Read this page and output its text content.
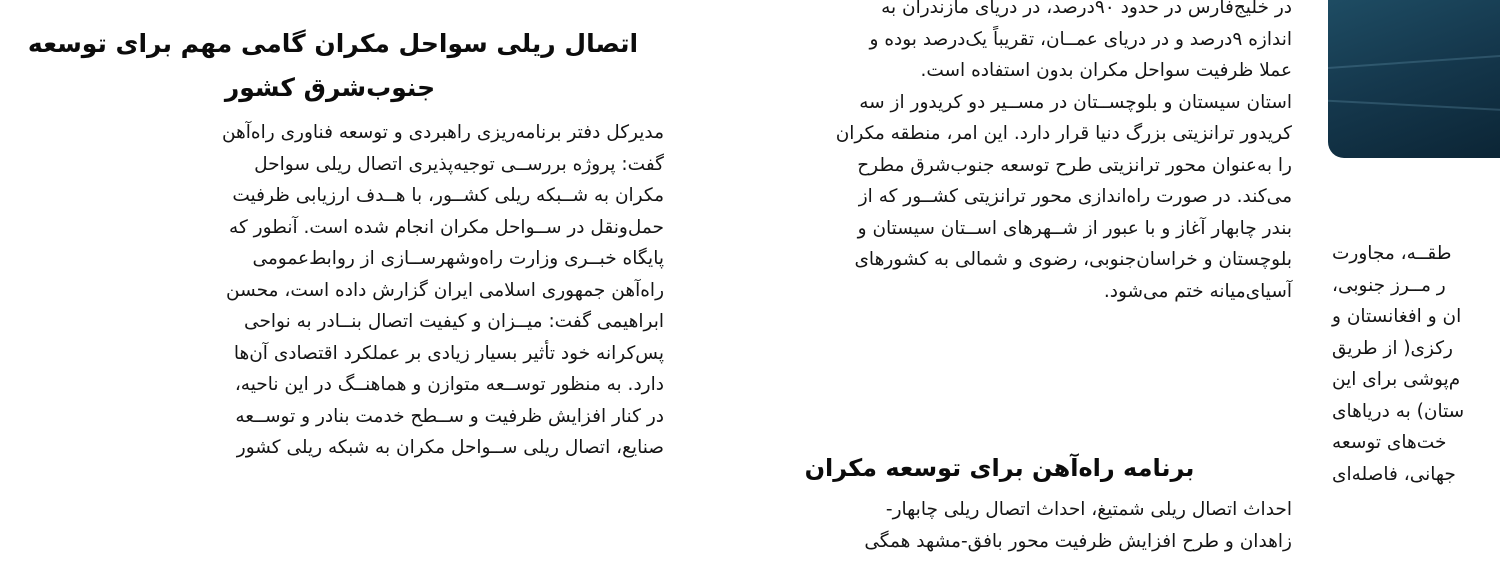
اتصال ریلی سواحل مکران گامی مهم برای توسعه
جنوب‌شرق کشور
مدیرکل دفتر برنامه‌ریزی راهبردی و توسعه فناوری راه‌آهن
گفت: پروژه بررســی توجیه‌پذیری اتصال ریلی سواحل
مکران به شــبکه ریلی کشــور، با هــدف ارزیابی ظرفیت
حمل‌ونقل در ســواحل مکران انجام شده است. آنطور که
پایگاه خبــری وزارت راه‌وشهرســازی از روابط‌عمومی
راه‌آهن جمهوری اسلامی ایران گزارش داده است، محسن
ابراهیمی گفت: میــزان و کیفیت اتصال بنــادر به نواحی
پس‌کرانه خود تأثیر بسیار زیادی بر عملکرد اقتصادی آن‌ها
دارد. به منظور توســعه متوازن و هماهنــگ در این ناحیه،
در کنار افزایش ظرفیت و ســطح خدمت بنادر و توســعه
صنایع، اتصال ریلی ســواحل مکران به شبکه ریلی کشور
در خلیج‌فارس در حدود ۹۰درصد، در دریای مازندران به
اندازه ۹درصد و در دریای عمــان، تقریباً یک‌درصد بوده و
عملا ظرفیت سواحل مکران بدون استفاده است.
استان سیستان و بلوچســتان در مســیر دو کریدور از سه
کریدور ترانزیتی بزرگ دنیا قرار دارد. این امر، منطقه مکران
را به‌عنوان محور ترانزیتی طرح توسعه جنوب‌شرق مطرح
می‌کند. در صورت راه‌اندازی محور ترانزیتی کشــور که از
بندر چابهار آغاز و با عبور از شــهرهای اســتان سیستان و
بلوچستان و خراسان‌جنوبی، رضوی و شمالی به کشورهای
آسیای‌میانه ختم می‌شود.
برنامه راه‌آهن برای توسعه مکران
احداث اتصال ریلی شمتیغ، احداث اتصال ریلی چابهار-
زاهدان و طرح افزایش ظرفیت محور بافق-مشهد همگی
طقــه، مجاورت
ر مــرز جنوبی،
ان و افغانستان و
رکزی( از طریق
م‌پوشی برای این
ستان) به دریاهای
خت‌های توسعه
جهانی، فاصله‌ای
